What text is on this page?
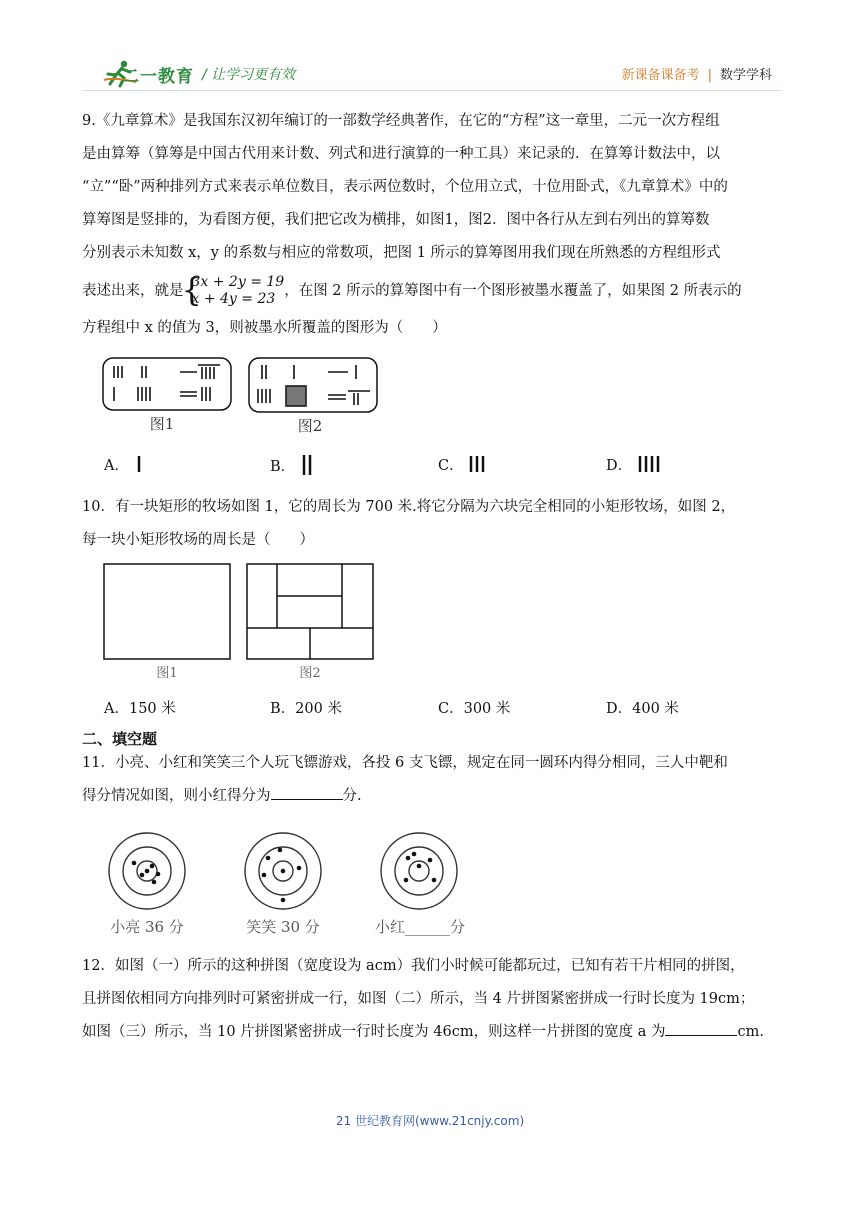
二一教育 / 让学习更有效	新课备课备考 | 数学学科
9.《九章算术》是我国东汉初年编订的一部数学经典著作，在它的“方程”这一章里，二元一次方程组
是由算筹（算筹是中国古代用来计数、列式和进行演算的一种工具）来记录的．在算筹计数法中，以
“立”“卧”两种排列方式来表示单位数目，表示两位数时，个位用立式，十位用卧式，《九章算术》中的
算筹图是竖排的，为看图方便，我们把它改为横排，如图1，图2．图中各行从左到右列出的算筹数
分别表示未知数 x，y 的系数与相应的常数项，把图 1 所示的算筹图用我们现在所熟悉的方程组形式
表述出来，就是
{ 3x + 2y = 19
x + 4y = 23 ，在图 2 所示的算筹图中有一个图形被墨水覆盖了，如果图 2 所表示的
方程组中 x 的值为 3，则被墨水所覆盖的图形为（　　）
图1	图2
A．	B．	C．	D．
10．有一块矩形的牧场如图 1，它的周长为 700 米.将它分隔为六块完全相同的小矩形牧场，如图 2，
每一块小矩形牧场的周长是（　　）
图1	图2
A．150 米	B．200 米	C．300 米	D．400 米
二、填空题
11．小亮、小红和笑笑三个人玩飞镖游戏，各投 6 支飞镖，规定在同一圆环内得分相同，三人中靶和
得分情况如图，则小红得分为	分.
小亮 36 分	笑笑 30 分	小红______分
12．如图（一）所示的这种拼图（宽度设为 acm）我们小时候可能都玩过，已知有若干片相同的拼图，
且拼图依相同方向排列时可紧密拼成一行，如图（二）所示，当 4 片拼图紧密拼成一行时长度为 19cm；
如图（三）所示，当 10 片拼图紧密拼成一行时长度为 46cm，则这样一片拼图的宽度 a 为	cm.
21 世纪教育网(www.21cnjy.com)
